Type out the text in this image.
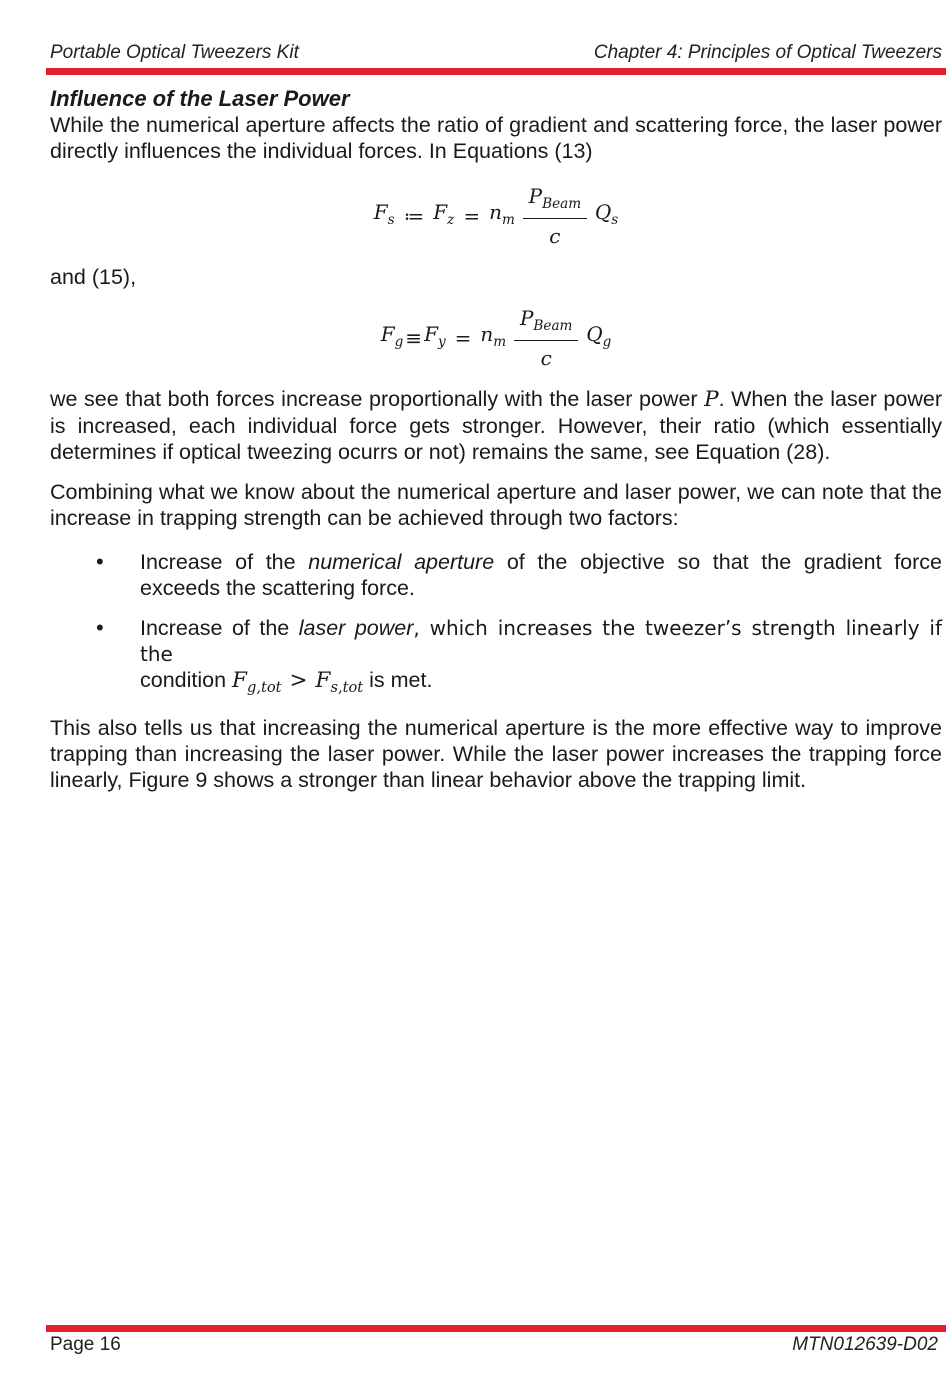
Portable Optical Tweezers Kit	Chapter 4: Principles of Optical Tweezers
Influence of the Laser Power

While the numerical aperture affects the ratio of gradient and scattering force, the laser power directly influences the individual forces. In Equations (13)

$F_s$ ≔ $F_z = n_m \frac{P_{Beam}}{c} Q_s$

and (15),

$F_g \equiv F_y = n_m \frac{P_{Beam}}{c} Q_g$

we see that both forces increase proportionally with the laser power P. When the laser power is increased, each individual force gets stronger. However, their ratio (which essentially determines if optical tweezing ocurrs or not) remains the same, see Equation (28).

Combining what we know about the numerical aperture and laser power, we can note that the increase in trapping strength can be achieved through two factors:

• Increase of the numerical aperture of the objective so that the gradient force exceeds the scattering force.
• Increase of the laser power, which increases the tweezer’s strength linearly if the
condition $F_{g,tot} > F_{s,tot}$ is met.

This also tells us that increasing the numerical aperture is the more effective way to improve trapping than increasing the laser power. While the laser power increases the trapping force linearly, Figure 9 shows a stronger than linear behavior above the trapping limit.

Page 16	MTN012639-D02
